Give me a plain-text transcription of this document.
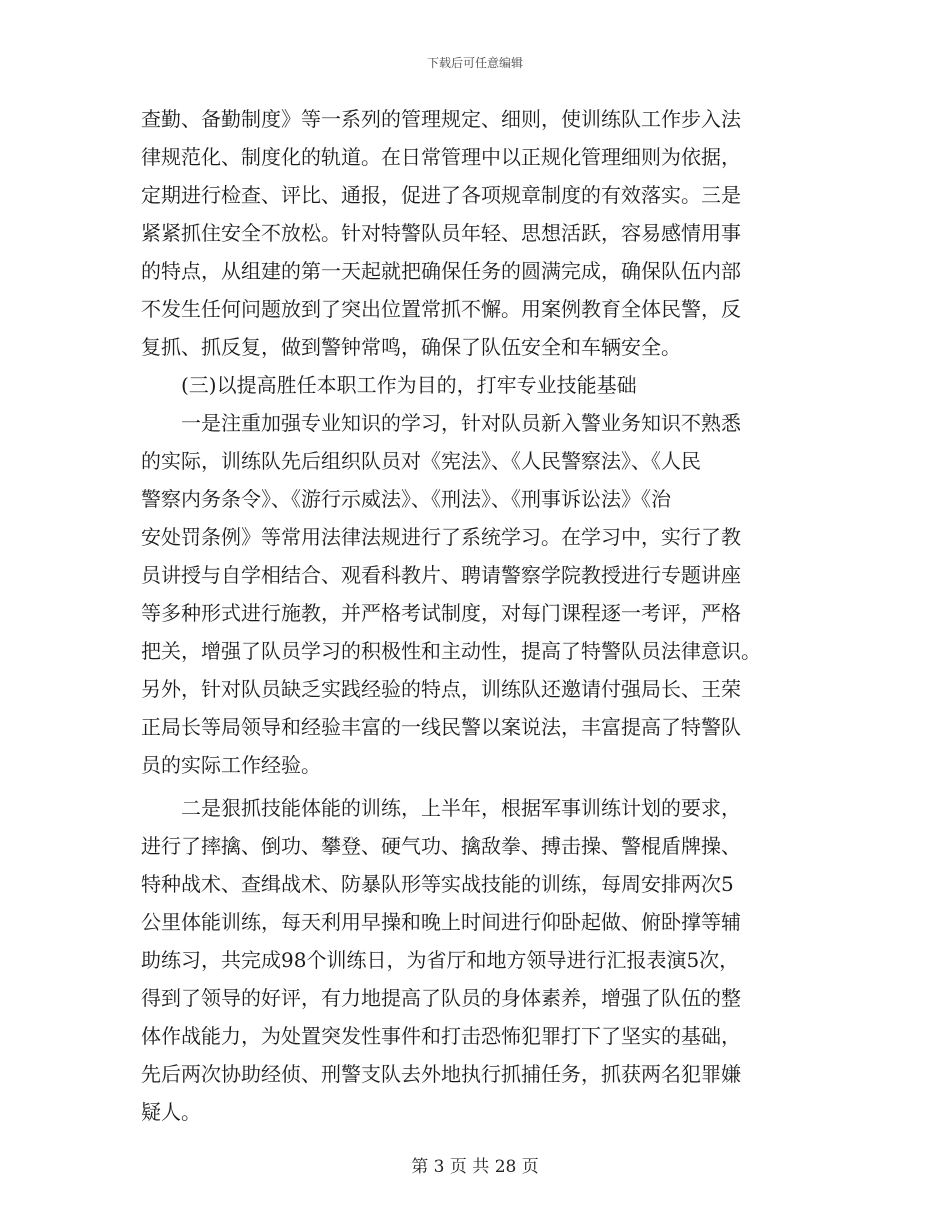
下载后可任意编辑
查勤、备勤制度》等一系列的管理规定、细则，使训练队工作步入法
律规范化、制度化的轨道。在日常管理中以正规化管理细则为依据，
定期进行检查、评比、通报，促进了各项规章制度的有效落实。三是
紧紧抓住安全不放松。针对特警队员年轻、思想活跃，容易感情用事
的特点，从组建的第一天起就把确保任务的圆满完成，确保队伍内部
不发生任何问题放到了突出位置常抓不懈。用案例教育全体民警，反
复抓、抓反复，做到警钟常鸣，确保了队伍安全和车辆安全。
(三)以提高胜任本职工作为目的，打牢专业技能基础
一是注重加强专业知识的学习，针对队员新入警业务知识不熟悉
的实际，训练队先后组织队员对《宪法》、《人民警察法》、《人民
警察内务条令》、《游行示威法》、《刑法》、《刑事诉讼法》《治
安处罚条例》等常用法律法规进行了系统学习。在学习中，实行了教
员讲授与自学相结合、观看科教片、聘请警察学院教授进行专题讲座
等多种形式进行施教，并严格考试制度，对每门课程逐一考评，严格
把关，增强了队员学习的积极性和主动性，提高了特警队员法律意识。
另外，针对队员缺乏实践经验的特点，训练队还邀请付强局长、王荣
正局长等局领导和经验丰富的一线民警以案说法，丰富提高了特警队
员的实际工作经验。
二是狠抓技能体能的训练，上半年，根据军事训练计划的要求，
进行了摔擒、倒功、攀登、硬气功、擒敌拳、搏击操、警棍盾牌操、
特种战术、查缉战术、防暴队形等实战技能的训练，每周安排两次5
公里体能训练，每天利用早操和晚上时间进行仰卧起做、俯卧撑等辅
助练习，共完成98个训练日，为省厅和地方领导进行汇报表演5次，
得到了领导的好评，有力地提高了队员的身体素养，增强了队伍的整
体作战能力，为处置突发性事件和打击恐怖犯罪打下了坚实的基础，
先后两次协助经侦、刑警支队去外地执行抓捕任务，抓获两名犯罪嫌
疑人。
第 3 页 共 28 页
